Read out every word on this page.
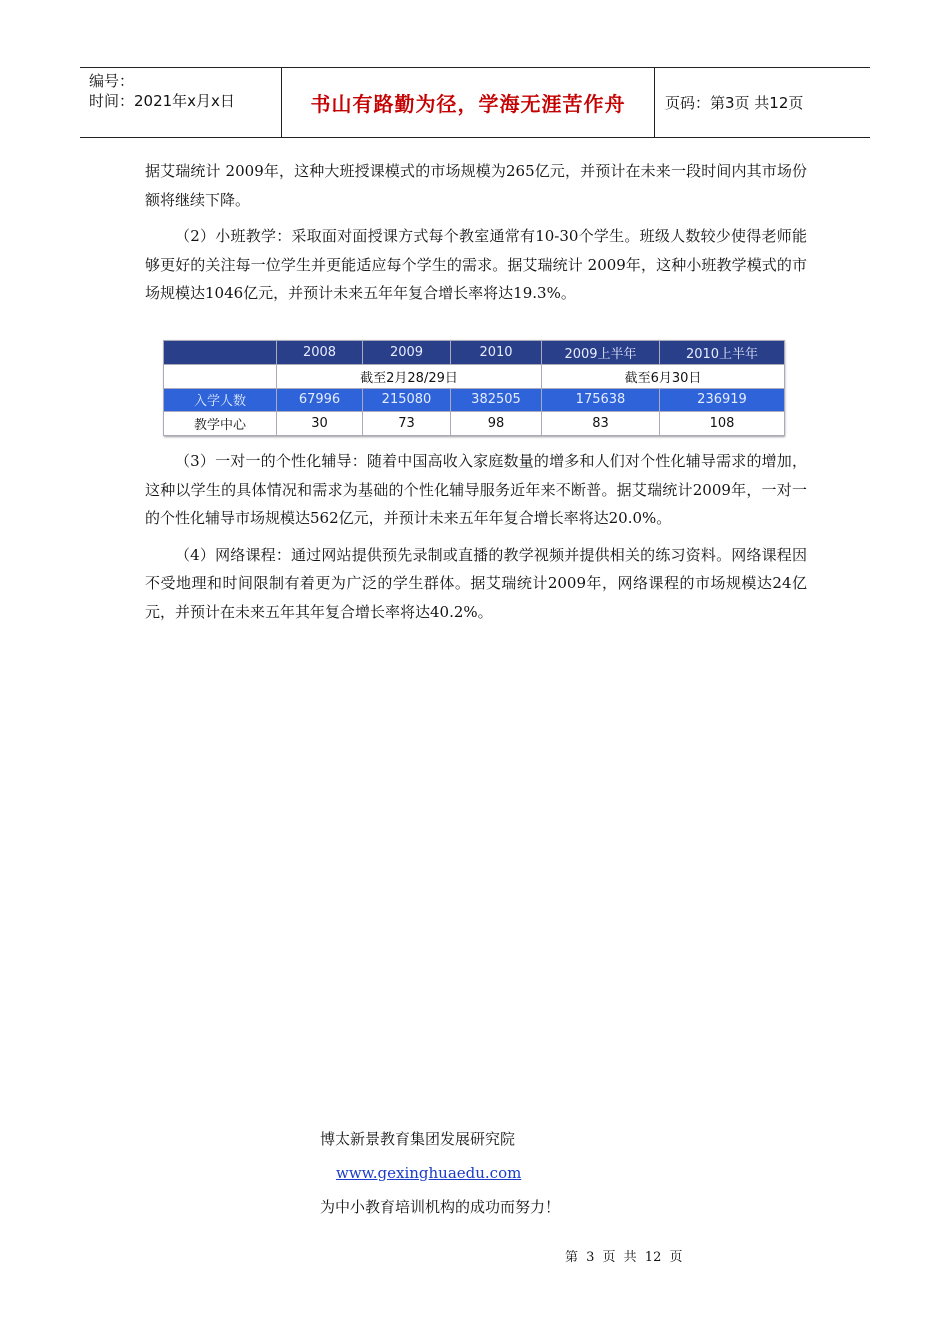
编号：
时间：2021年x月x日	书山有路勤为径，学海无涯苦作舟	页码：第3页 共12页

据艾瑞统计 2009年，这种大班授课模式的市场规模为265亿元，并预计在未来一段时间内其市场份额将继续下降。

（2）小班教学：采取面对面授课方式每个教室通常有10-30个学生。班级人数较少使得老师能够更好的关注每一位学生并更能适应每个学生的需求。据艾瑞统计 2009年，这种小班教学模式的市场规模达1046亿元，并预计未来五年年复合增长率将达19.3%。

	2008	2009	2010	2009上半年	2010上半年
	截至2月28/29日			截至6月30日	
入学人数	67996	215080	382505	175638	236919
教学中心	30	73	98	83	108

（3）一对一的个性化辅导：随着中国高收入家庭数量的增多和人们对个性化辅导需求的增加，这种以学生的具体情况和需求为基础的个性化辅导服务近年来不断普。据艾瑞统计2009年，一对一的个性化辅导市场规模达562亿元，并预计未来五年年复合增长率将达20.0%。

（4）网络课程：通过网站提供预先录制或直播的教学视频并提供相关的练习资料。网络课程因不受地理和时间限制有着更为广泛的学生群体。据艾瑞统计2009年，网络课程的市场规模达24亿元，并预计在未来五年其年复合增长率将达40.2%。

博太新景教育集团发展研究院
www.gexinghuaedu.com
为中小教育培训机构的成功而努力！
第 3 页 共 12 页
